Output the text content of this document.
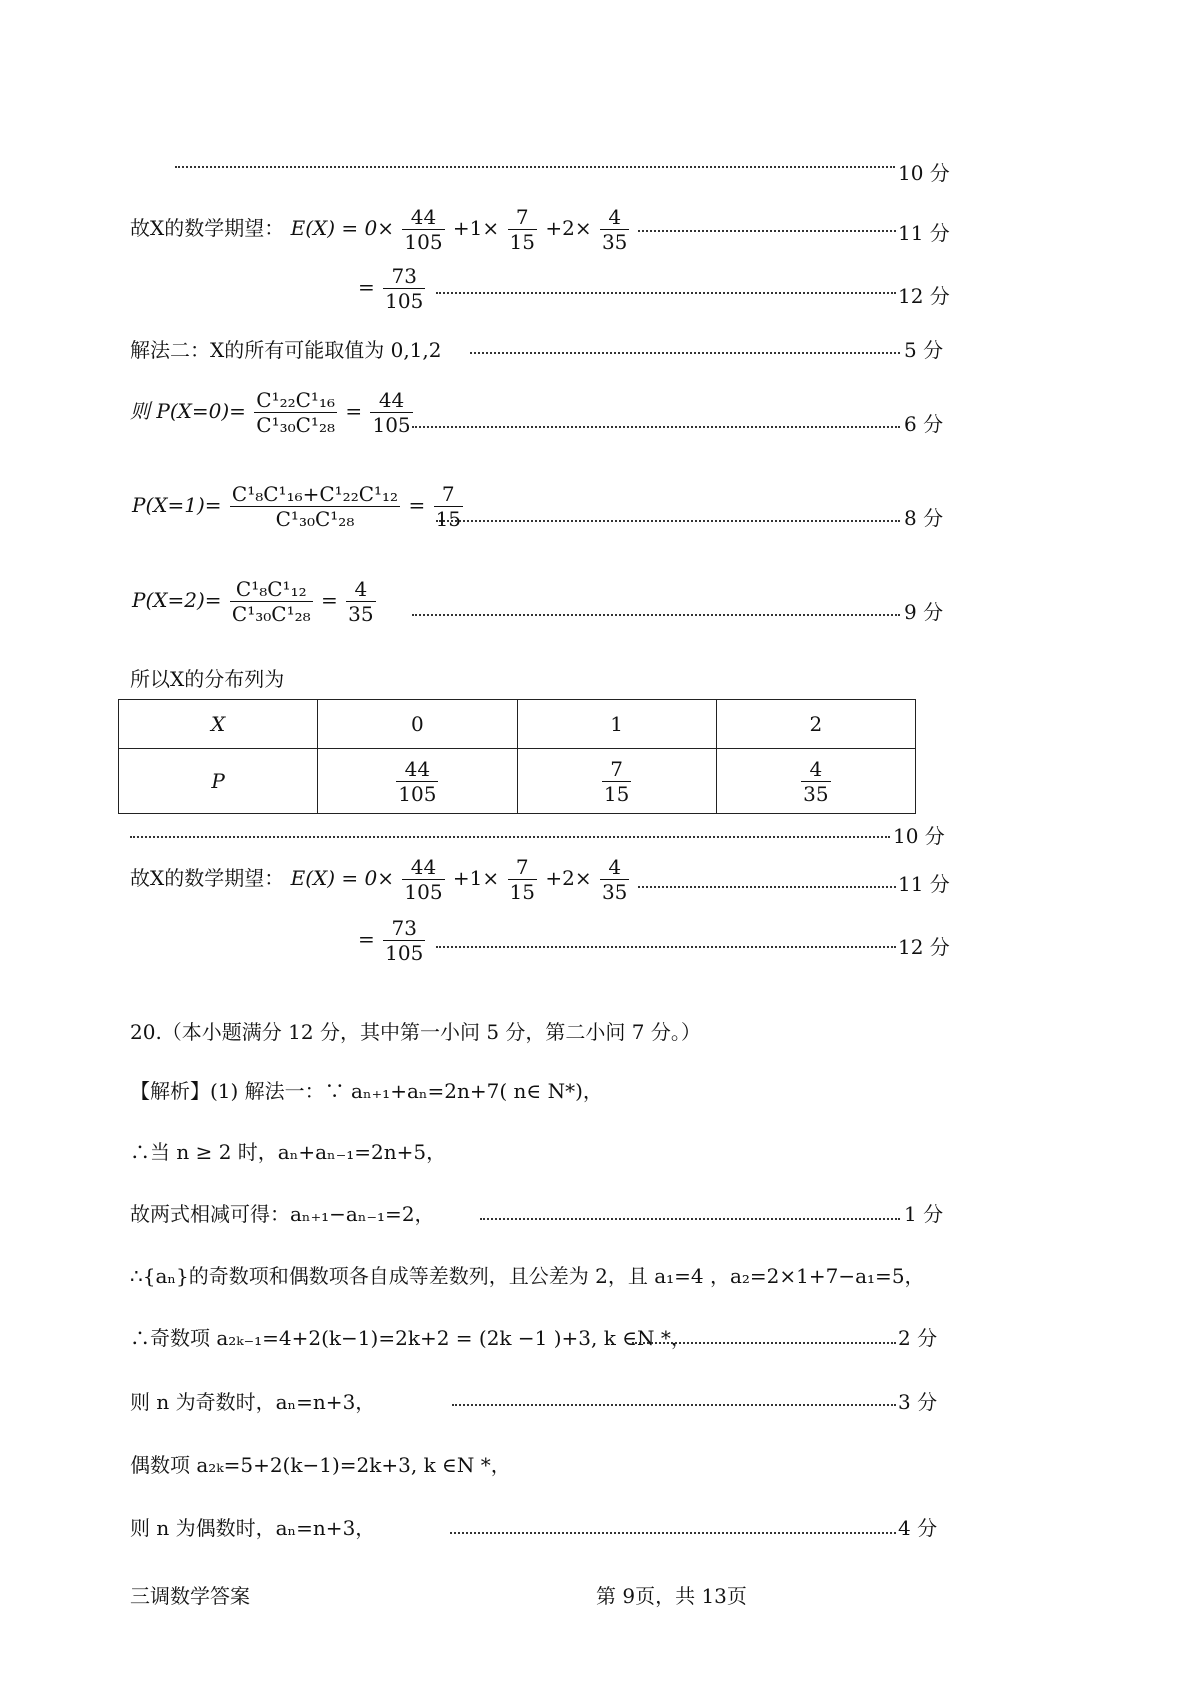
10 分
故X的数学期望： $E(X) = 0\times \frac{44}{105} +1\times \frac{7}{15} +2\times \frac{4}{35}$	11 分
= $\frac{73}{105}$	12 分
解法二：X的所有可能取值为 0,1,2	5 分
则 $P(X=0)= \frac{\text{C¹₂₂C¹₁₆}}{\text{C¹₃₀C¹₂₈}} = \frac{44}{105}$	6 分
$P(X=1)= \frac{\text{C¹₈C¹₁₆+C¹₂₂C¹₁₂}}{\text{C¹₃₀C¹₂₈}} = \frac{7}{15}$	8 分
$P(X=2)= \frac{\text{C¹₈C¹₁₂}}{\text{C¹₃₀C¹₂₈}} = \frac{4}{35}$	9 分
所以X的分布列为
X	0	1	2
P	$\frac{44}{105}$	$\frac{7}{15}$	$\frac{4}{35}$
10 分
故X的数学期望： $E(X) = 0\times \frac{44}{105} +1\times \frac{7}{15} +2\times \frac{4}{35}$	11 分
= $\frac{73}{105}$	12 分
20.（本小题满分 12 分，其中第一小问 5 分，第二小问 7 分。）
【解析】(1) 解法一：∵ aₙ₊₁+aₙ=2n+7( n∈ N*)，
∴当 n ≥ 2 时，aₙ+aₙ₋₁=2n+5，
故两式相减可得：aₙ₊₁−aₙ₋₁=2，	1 分
∴{aₙ}的奇数项和偶数项各自成等差数列，且公差为 2，且 a₁=4 ，a₂=2×1+7−a₁=5，
∴奇数项 a₂ₖ₋₁=4+2(k−1)=2k+2 = (2k −1 )+3, k ∈N *，	2 分
则 n 为奇数时，aₙ=n+3，	3 分
偶数项 a₂ₖ=5+2(k−1)=2k+3, k ∈N *，
则 n 为偶数时，aₙ=n+3，	4 分
三调数学答案	第 9页，共 13页
